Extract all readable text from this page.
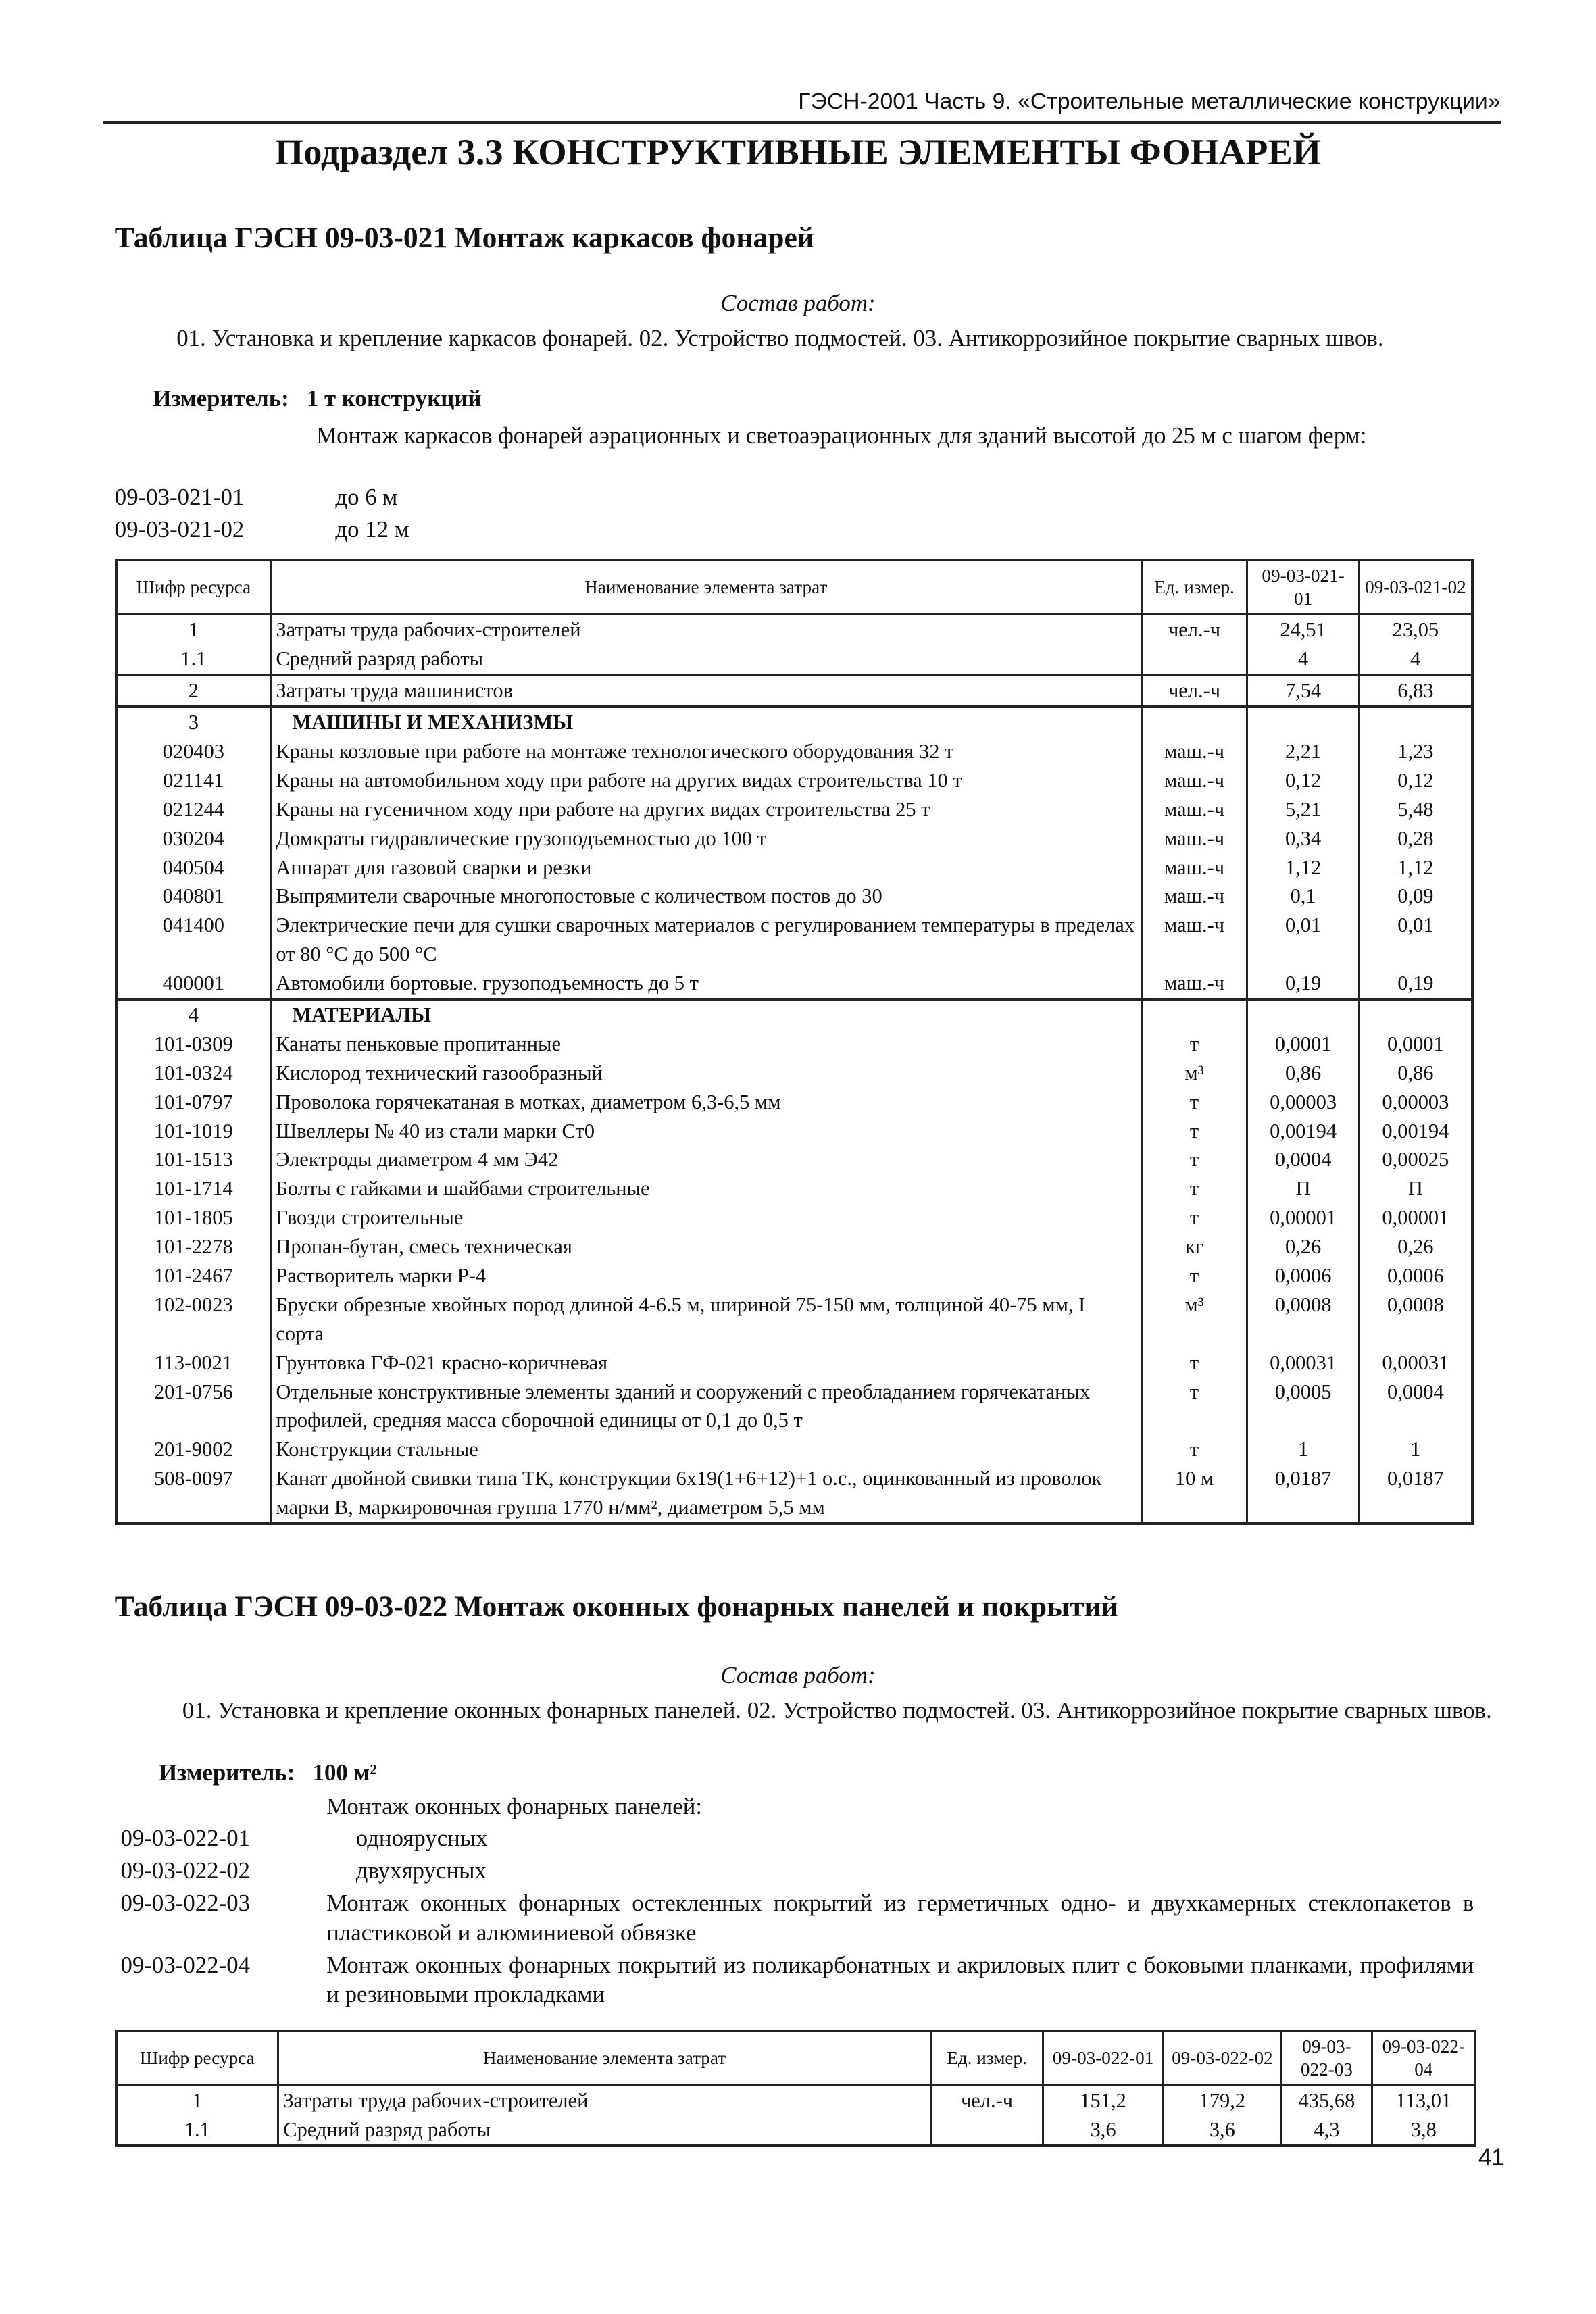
ГЭСН-2001 Часть 9. «Строительные металлические конструкции»
Подраздел 3.3 КОНСТРУКТИВНЫЕ ЭЛЕМЕНТЫ ФОНАРЕЙ
Таблица ГЭСН 09-03-021 Монтаж каркасов фонарей
Состав работ:
01. Установка и крепление каркасов фонарей. 02. Устройство подмостей. 03. Антикоррозийное покрытие сварных швов.
Измеритель: 1 т конструкций
Монтаж каркасов фонарей аэрационных и светоаэрационных для зданий высотой до 25 м с шагом ферм:
09-03-021-01	до 6 м
09-03-021-02	до 12 м
Шифр ресурса	Наименование элемента затрат	Ед. измер.	09-03-021-01	09-03-021-02
1	Затраты труда рабочих-строителей	чел.-ч	24,51	23,05
1.1	Средний разряд работы		4	4
2	Затраты труда машинистов	чел.-ч	7,54	6,83
3	МАШИНЫ И МЕХАНИЗМЫ			
020403	Краны козловые при работе на монтаже технологического оборудования 32 т	маш.-ч	2,21	1,23
021141	Краны на автомобильном ходу при работе на других видах строительства 10 т	маш.-ч	0,12	0,12
021244	Краны на гусеничном ходу при работе на других видах строительства 25 т	маш.-ч	5,21	5,48
030204	Домкраты гидравлические грузоподъемностью до 100 т	маш.-ч	0,34	0,28
040504	Аппарат для газовой сварки и резки	маш.-ч	1,12	1,12
040801	Выпрямители сварочные многопостовые с количеством постов до 30	маш.-ч	0,1	0,09
041400	Электрические печи для сушки сварочных материалов с регулированием температуры в пределах от 80 °С до 500 °С	маш.-ч	0,01	0,01
400001	Автомобили бортовые. грузоподъемность до 5 т	маш.-ч	0,19	0,19
4	МАТЕРИАЛЫ			
101-0309	Канаты пеньковые пропитанные	т	0,0001	0,0001
101-0324	Кислород технический газообразный	м³	0,86	0,86
101-0797	Проволока горячекатаная в мотках, диаметром 6,3-6,5 мм	т	0,00003	0,00003
101-1019	Швеллеры № 40 из стали марки Ст0	т	0,00194	0,00194
101-1513	Электроды диаметром 4 мм Э42	т	0,0004	0,00025
101-1714	Болты с гайками и шайбами строительные	т	П	П
101-1805	Гвозди строительные	т	0,00001	0,00001
101-2278	Пропан-бутан, смесь техническая	кг	0,26	0,26
101-2467	Растворитель марки Р-4	т	0,0006	0,0006
102-0023	Бруски обрезные хвойных пород длиной 4-6.5 м, шириной 75-150 мм, толщиной 40-75 мм, I сорта	м³	0,0008	0,0008
113-0021	Грунтовка ГФ-021 красно-коричневая	т	0,00031	0,00031
201-0756	Отдельные конструктивные элементы зданий и сооружений с преобладанием горячекатаных профилей, средняя масса сборочной единицы от 0,1 до 0,5 т	т	0,0005	0,0004
201-9002	Конструкции стальные	т	1	1
508-0097	Канат двойной свивки типа ТК, конструкции 6х19(1+6+12)+1 о.с., оцинкованный из проволок марки В, маркировочная группа 1770 н/мм², диаметром 5,5 мм	10 м	0,0187	0,0187
Таблица ГЭСН 09-03-022 Монтаж оконных фонарных панелей и покрытий
Состав работ:
01. Установка и крепление оконных фонарных панелей. 02. Устройство подмостей. 03. Антикоррозийное покрытие сварных швов.
Измеритель: 100 м²
Монтаж оконных фонарных панелей:
09-03-022-01	одноярусных
09-03-022-02	двухярусных
09-03-022-03	Монтаж оконных фонарных остекленных покрытий из герметичных одно- и двухкамерных стеклопакетов в пластиковой и алюминиевой обвязке
09-03-022-04	Монтаж оконных фонарных покрытий из поликарбонатных и акриловых плит с боковыми планками, профилями и резиновыми прокладками
Шифр ресурса	Наименование элемента затрат	Ед. измер.	09-03-022-01	09-03-022-02	09-03-022-03	09-03-022-04
1	Затраты труда рабочих-строителей	чел.-ч	151,2	179,2	435,68	113,01
1.1	Средний разряд работы		3,6	3,6	4,3	3,8
41
